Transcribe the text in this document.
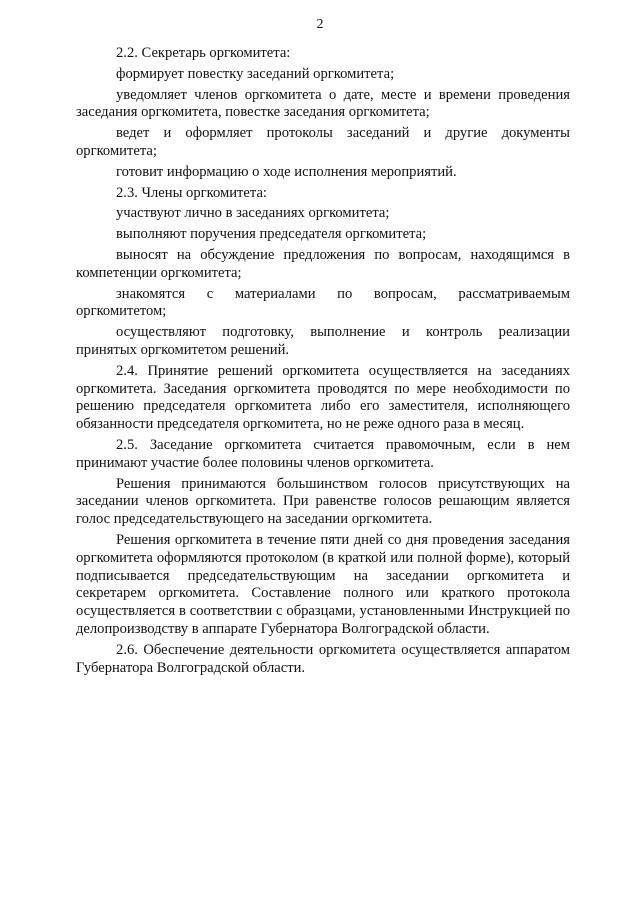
2

2.2. Секретарь оргкомитета:

формирует повестку заседаний оргкомитета;

уведомляет членов оргкомитета о дате, месте и времени проведения заседания оргкомитета, повестке заседания оргкомитета;

ведет и оформляет протоколы заседаний и другие документы оргкомитета;

готовит информацию о ходе исполнения мероприятий.

2.3. Члены оргкомитета:

участвуют лично в заседаниях оргкомитета;

выполняют поручения председателя оргкомитета;

выносят на обсуждение предложения по вопросам, находящимся в компетенции оргкомитета;

знакомятся с материалами по вопросам, рассматриваемым оргкомитетом;

осуществляют подготовку, выполнение и контроль реализации принятых оргкомитетом решений.

2.4. Принятие решений оргкомитета осуществляется на заседаниях оргкомитета. Заседания оргкомитета проводятся по мере необходимости по решению председателя оргкомитета либо его заместителя, исполняющего обязанности председателя оргкомитета, но не реже одного раза в месяц.

2.5. Заседание оргкомитета считается правомочным, если в нем принимают участие более половины членов оргкомитета.

Решения принимаются большинством голосов присутствующих на заседании членов оргкомитета. При равенстве голосов решающим является голос председательствующего на заседании оргкомитета.

Решения оргкомитета в течение пяти дней со дня проведения заседания оргкомитета оформляются протоколом (в краткой или полной форме), который подписывается председательствующим на заседании оргкомитета и секретарем оргкомитета. Составление полного или краткого протокола осуществляется в соответствии с образцами, установленными Инструкцией по делопроизводству в аппарате Губернатора Волгоградской области.

2.6. Обеспечение деятельности оргкомитета осуществляется аппаратом Губернатора Волгоградской области.
